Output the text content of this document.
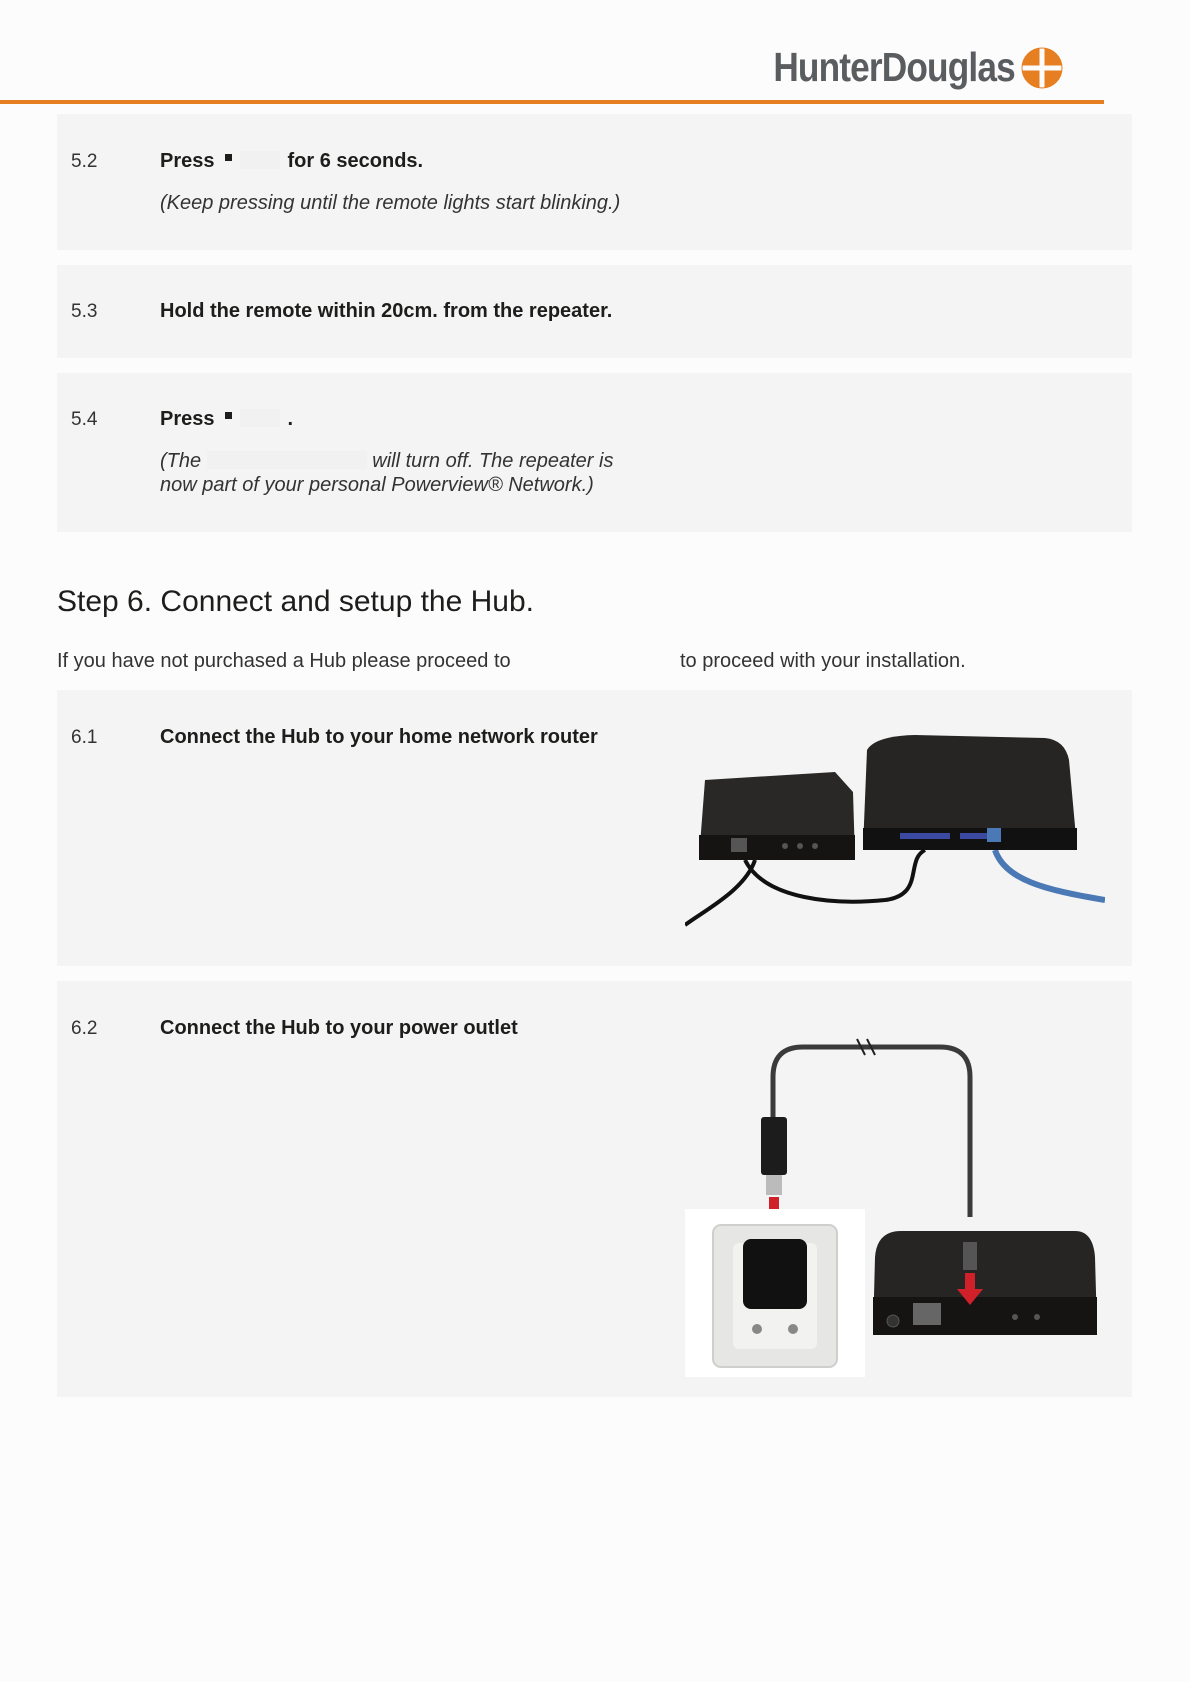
HunterDouglas
5.2	Press	for 6 seconds.
(Keep pressing until the remote lights start blinking.)
5.3	Hold the remote within 20cm. from the repeater.
5.4	Press	.
(The	will turn off. The repeater is
now part of your personal Powerview® Network.)
Step 6. Connect and setup the Hub.
If you have not purchased a Hub please proceed to	to proceed with your installation.
6.1	Connect the Hub to your home network router
6.2	Connect the Hub to your power outlet
